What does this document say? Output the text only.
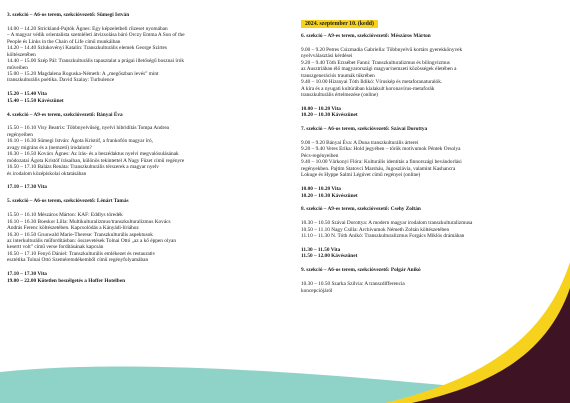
3. szekció – A6-os terem, szekcióvezető: Sümegi István
14.00 – 14.20 Strickland-Pajtók Ágnes: Egy képzeletbeli ríizeset nyomában
– A magyar védik orientalista szemléleti átvizsolása báró Orczy Emma A Son of the
People és Links in the Chain of Life című munkáiban
14.20 – 14.40 Szlukovényi Katalin: Transzkulturális elemek George Szirtes
költészetében
14.40 – 15.00 Szép Pál: Transzkulturális tapasztalat a prágai illetőségű bosznai írók
műveiben
15.00 – 15.20 Magdalena Roguska-Németh: A „megőszban levés” mint
transzkulturális poétika. David Szalay: Turbulence
15.20 – 15.40 Vita
15.40 – 15.50 Kávészünet
4. szekció – A9-es terem, szekcióvezető: Bányai Éva
15.50 – 16.10 Visy Beatrix: Többnyelvűség, nyelvi hibridítás Tompa Andrea
regényeiben
16.10 – 16.30 Sümegi István: Ágota Kristóf, a frankofón magyar író,
avagy migráns és a (nemzeti) irodalom?
16.30 – 16.50 Kovács Ágnes: Az írás- és a beszédaktus nyelvi megvalósulásának
módozatai Ágota Kristóf írásaiban, különös tekintettel A Nagy Füzet című regényre
16.50 – 17.10 Balázs Renáta: Transzkulturális térszerek a magyar nyelv
és irodalom középiskolai oktatásában
17.10 – 17.30 Vita
5. szekció – A6-os terem, szekcióvezető: Lénárt Tamás
15.50 – 16.10 Mészáros Márton: KAF: Eddlys töredék
16.10 – 16.30 Boeskor Lilla: Multikulturalizmus/transzkulturalizmus Kovács
András Ferenc költészetében. Kapcsolódás a Kányádi-líriához
16.30 – 16.50 Grunwald Marie-Therese: Transzkulturális aspektusok
az interkulturális műfordításban: összevetések Tolnai Ottó „az a kő éppen olyan
kesertt volt” című verse fordításának kapcsán
16.50 – 17.10 Fenyő Dániel: Transzkulturális emlékezet és restaurativ
esztétika Tolnai Ottó Szeméremdékemből című regényfolyamában
17.10 – 17.30 Vita
19.00 – 22.00 Kötetlen beszélgetés a Hoffer Hotelben
2024. szeptember 10. (kedd)
6. szekció – A9-es terem, szekcióvezető: Mészáros Márton
9.00 – 9.20 Petres Csizmadia Gabriella: Többnyelvű kortárs gyerekkönyvek
nyelvválasztási kérdései
9.20 – 9.40 Tóth Erzsébet Fanni: Transzkulturalizmus és bilingvizmus
az Ausztriában élő magyarországi magyar/nemzeti közösségek életében a
transzgenerációs traumák tükrében
9.40 – 10.00 Hizsnyai Tóth Ildikó: Víruskép és metaforanaturalók.
A kíra és a nyugati kultúrában kialakult koronavírus-metaforák
transzkulturális értelmezése (online)
10.00 – 10.20 Vita
10.20 – 10.30 Kávészünet
7. szekció – A6-os terem, szekcióvezető: Szávai Dorottya
9.00 – 9.20 Bányai Éva: A Duna transzkulturális árterei
9.20 – 9.40 Veres Erika: Hold jegyében – török motívumok Péntek Orsolya
Pécs-regényeiben
9.40 – 10.00 Várkonyi Flóra: Kulturális identitás a finnországi bevándorlási
regényekben. Pajtim Statovci Marsháu, Jugoszlávia, valamint Kashancra
Lokuge és Hyppe Salmi Légúvet című regényei (online)
10.00 – 10.20 Vita
10.20 – 10.30 Kávészünet
8. szekció – A9-es terem, szekcióvezető: Csehy Zoltán
10.30 – 10.50 Szávai Dorottya: A modern magyar irodalom transzkulturalizmusa
10.50 – 11.10 Nagy Csilla: Archívumok Németh Zoltán költészetében
11.10 – 11.30 N. Tóth Anikó: Transzkulturalizmus Forgács Miklós drámában
11.30 – 11.50 Vita
11.50 – 12.00 Kávészünet
9. szekció – A6-os terem, szekcióvezető: Polgár Anikó
10.30 – 10.50 Szarka Szilvia: A transzdifferencia
koncepciójáról
